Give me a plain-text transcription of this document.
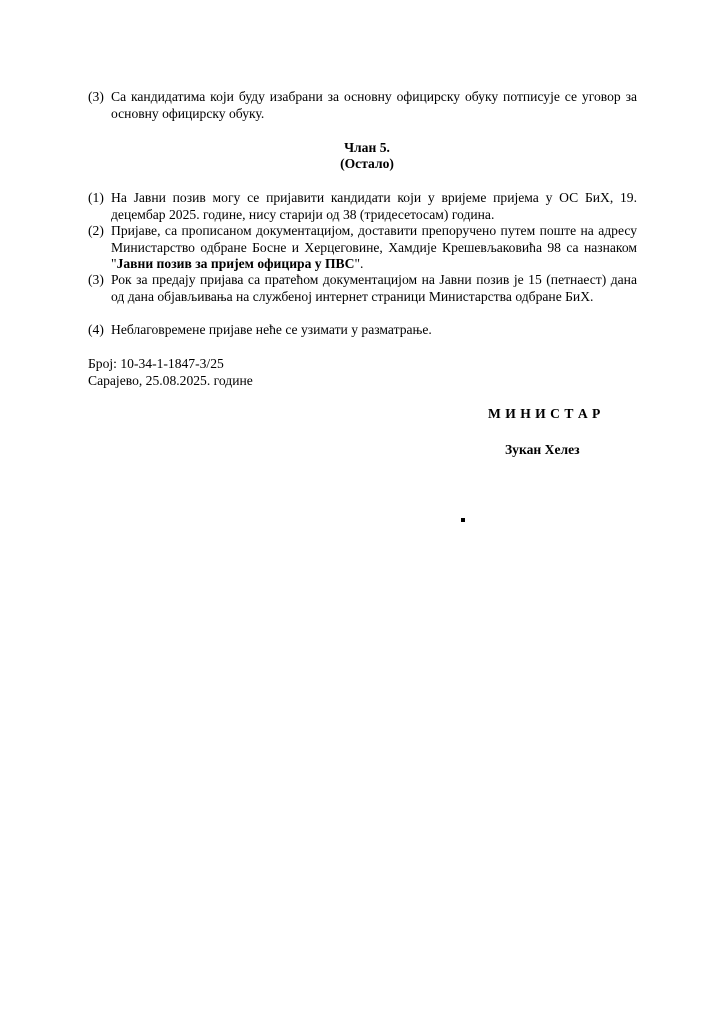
(3) Са кандидатима који буду изабрани за основну официрску обуку потписује се уговор за основну официрску обуку.
Члан 5.
(Остало)
(1) На Јавни позив могу се пријавити кандидати који у вријеме пријема у ОС БиХ, 19. децембар 2025. године, нису старији од 38 (тридесетосам) година.
(2) Пријаве, са прописаном документацијом, доставити препоручено путем поште на адресу Министарство одбране Босне и Херцеговине, Хамдије Крешевљаковића 98 са назнаком "Јавни позив за пријем официра у ПВС".
(3) Рок за предају пријава са пратећом документацијом на Јавни позив је 15 (петнаест) дана од дана објављивања на службеној интернет страници Министарства одбране БиХ.
(4) Неблаговремене пријаве неће се узимати у разматрање.
Број: 10-34-1-1847-3/25
Сарајево, 25.08.2025. године
М И Н И С Т А Р
Зукан Хелез
